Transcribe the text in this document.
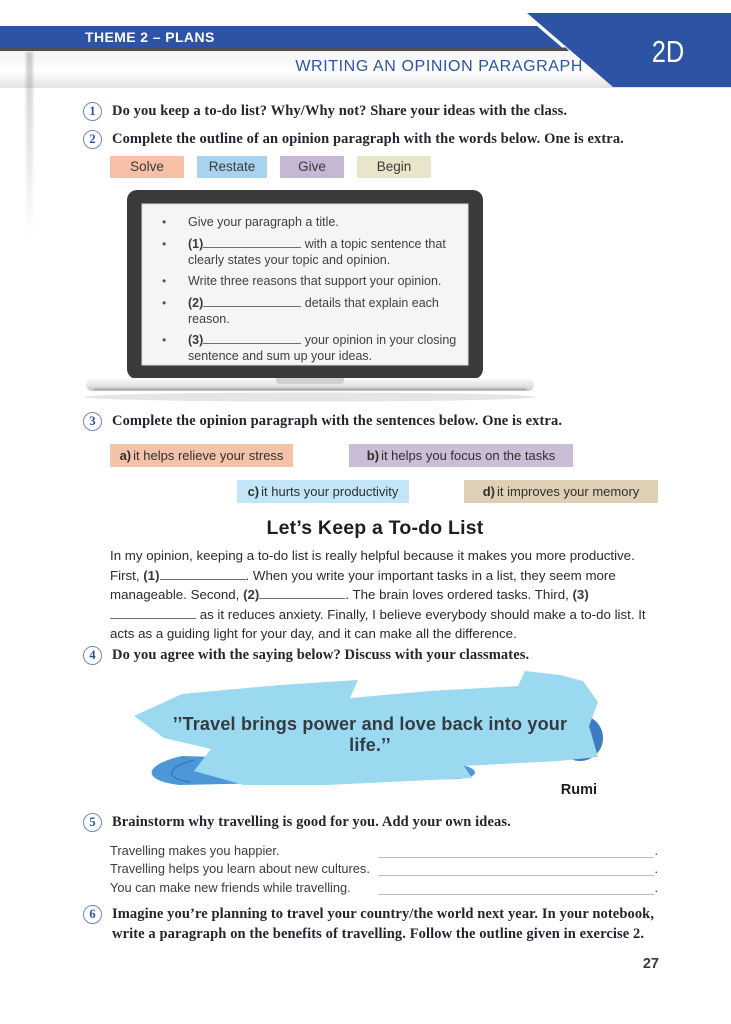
THEME 2 – PLANS
WRITING AN OPINION PARAGRAPH	2D
1	Do you keep a to-do list? Why/Why not? Share your ideas with the class.
2	Complete the outline of an opinion paragraph with the words below. One is extra.
Solve	Restate	Give	Begin
• Give your paragraph a title.
• (1)	with a topic sentence that clearly states your topic and opinion.
• Write three reasons that support your opinion.
• (2)	details that explain each reason.
• (3)	your opinion in your closing sentence and sum up your ideas.
3	Complete the opinion paragraph with the sentences below. One is extra.
a) it helps relieve your stress	b) it helps you focus on the tasks
c) it hurts your productivity	d) it improves your memory
Let’s Keep a To-do List
In my opinion, keeping a to-do list is really helpful because it makes you more productive. First, (1)	. When you write your important tasks in a list, they seem more manageable. Second, (2)	. The brain loves ordered tasks. Third, (3) as it reduces anxiety. Finally, I believe everybody should make a to-do list. It acts as a guiding light for your day, and it can make all the difference.
4	Do you agree with the saying below? Discuss with your classmates.
’’Travel brings power and love back into your life.’’
Rumi
5	Brainstorm why travelling is good for you. Add your own ideas.
Travelling makes you happier.	.
Travelling helps you learn about new cultures.	.
You can make new friends while travelling.	.
6	Imagine you’re planning to travel your country/the world next year. In your notebook, write a paragraph on the benefits of travelling. Follow the outline given in exercise 2.
27
